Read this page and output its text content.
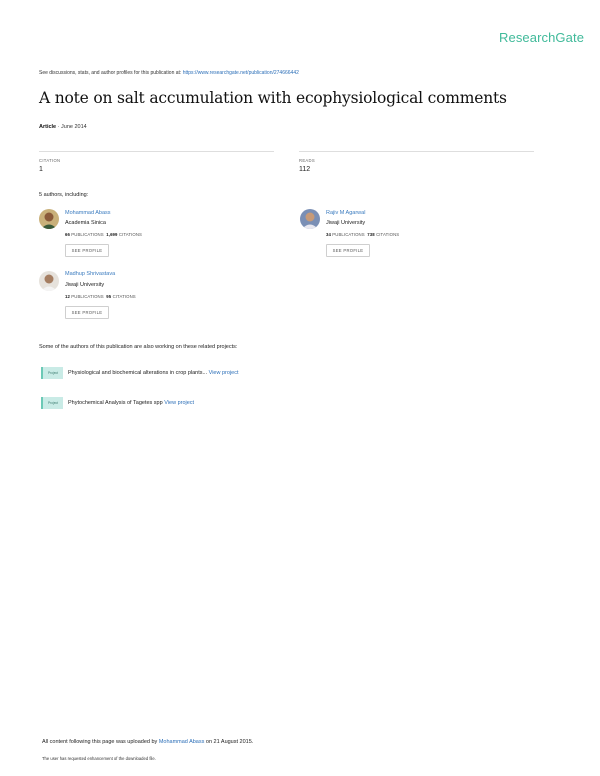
ResearchGate
See discussions, stats, and author profiles for this publication at: https://www.researchgate.net/publication/274666442
A note on salt accumulation with ecophysiological comments
Article · June 2014
CITATION
1
READS
112
5 authors, including:
Mohammad Abass
Academia Sinica
66 PUBLICATIONS 1,699 CITATIONS
SEE PROFILE
Rajiv M Agarwal
Jiwaji University
34 PUBLICATIONS 738 CITATIONS
SEE PROFILE
Madhup Shrivastava
Jiwaji University
12 PUBLICATIONS 95 CITATIONS
SEE PROFILE
Some of the authors of this publication are also working on these related projects:
Project	Physiological and biochemical alterations in crop plants... View project
Project	Phytochemical Analysis of Tagetes spp View project
All content following this page was uploaded by Mohammad Abass on 21 August 2015.
The user has requested enhancement of the downloaded file.
